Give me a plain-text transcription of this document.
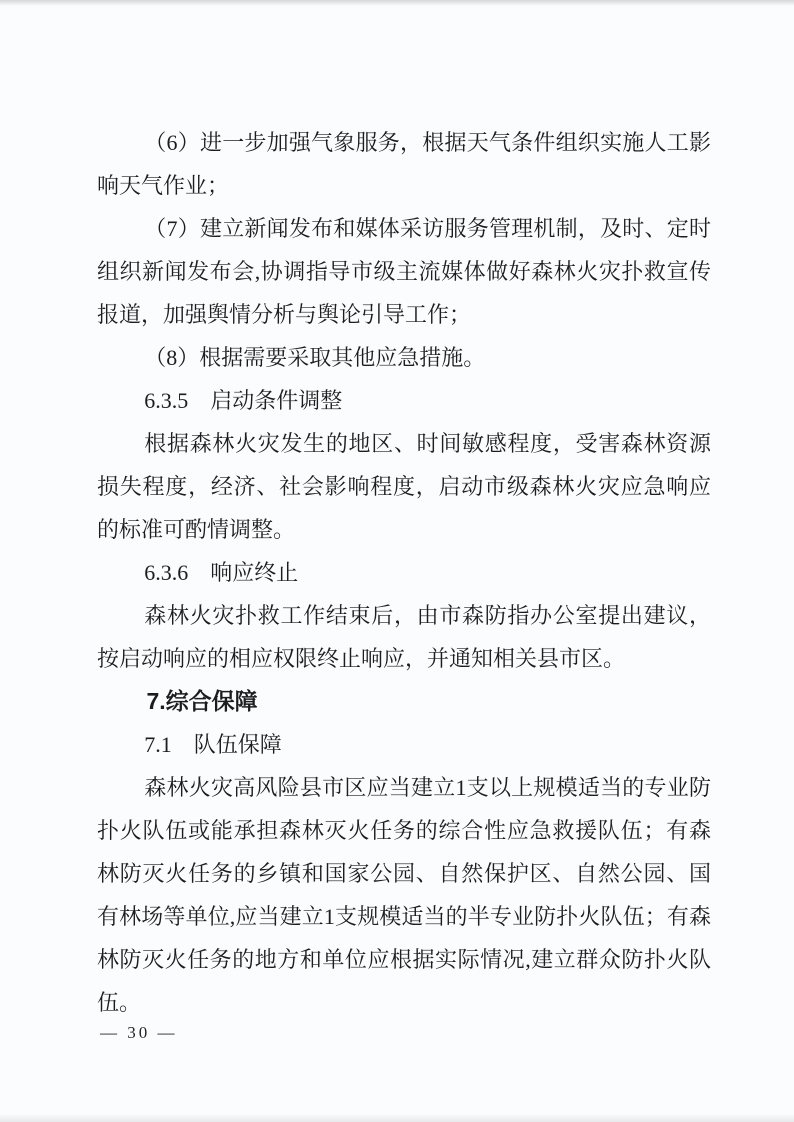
（6）进一步加强气象服务，根据天气条件组织实施人工影响天气作业；

（7）建立新闻发布和媒体采访服务管理机制，及时、定时组织新闻发布会,协调指导市级主流媒体做好森林火灾扑救宣传报道，加强舆情分析与舆论引导工作；

（8）根据需要采取其他应急措施。

6.3.5　启动条件调整

根据森林火灾发生的地区、时间敏感程度，受害森林资源损失程度，经济、社会影响程度，启动市级森林火灾应急响应的标准可酌情调整。

6.3.6　响应终止

森林火灾扑救工作结束后，由市森防指办公室提出建议，按启动响应的相应权限终止响应，并通知相关县市区。

7.综合保障

7.1　队伍保障

森林火灾高风险县市区应当建立1支以上规模适当的专业防扑火队伍或能承担森林灭火任务的综合性应急救援队伍；有森林防灭火任务的乡镇和国家公园、自然保护区、自然公园、国有林场等单位,应当建立1支规模适当的半专业防扑火队伍；有森林防灭火任务的地方和单位应根据实际情况,建立群众防扑火队伍。

— 30 —
